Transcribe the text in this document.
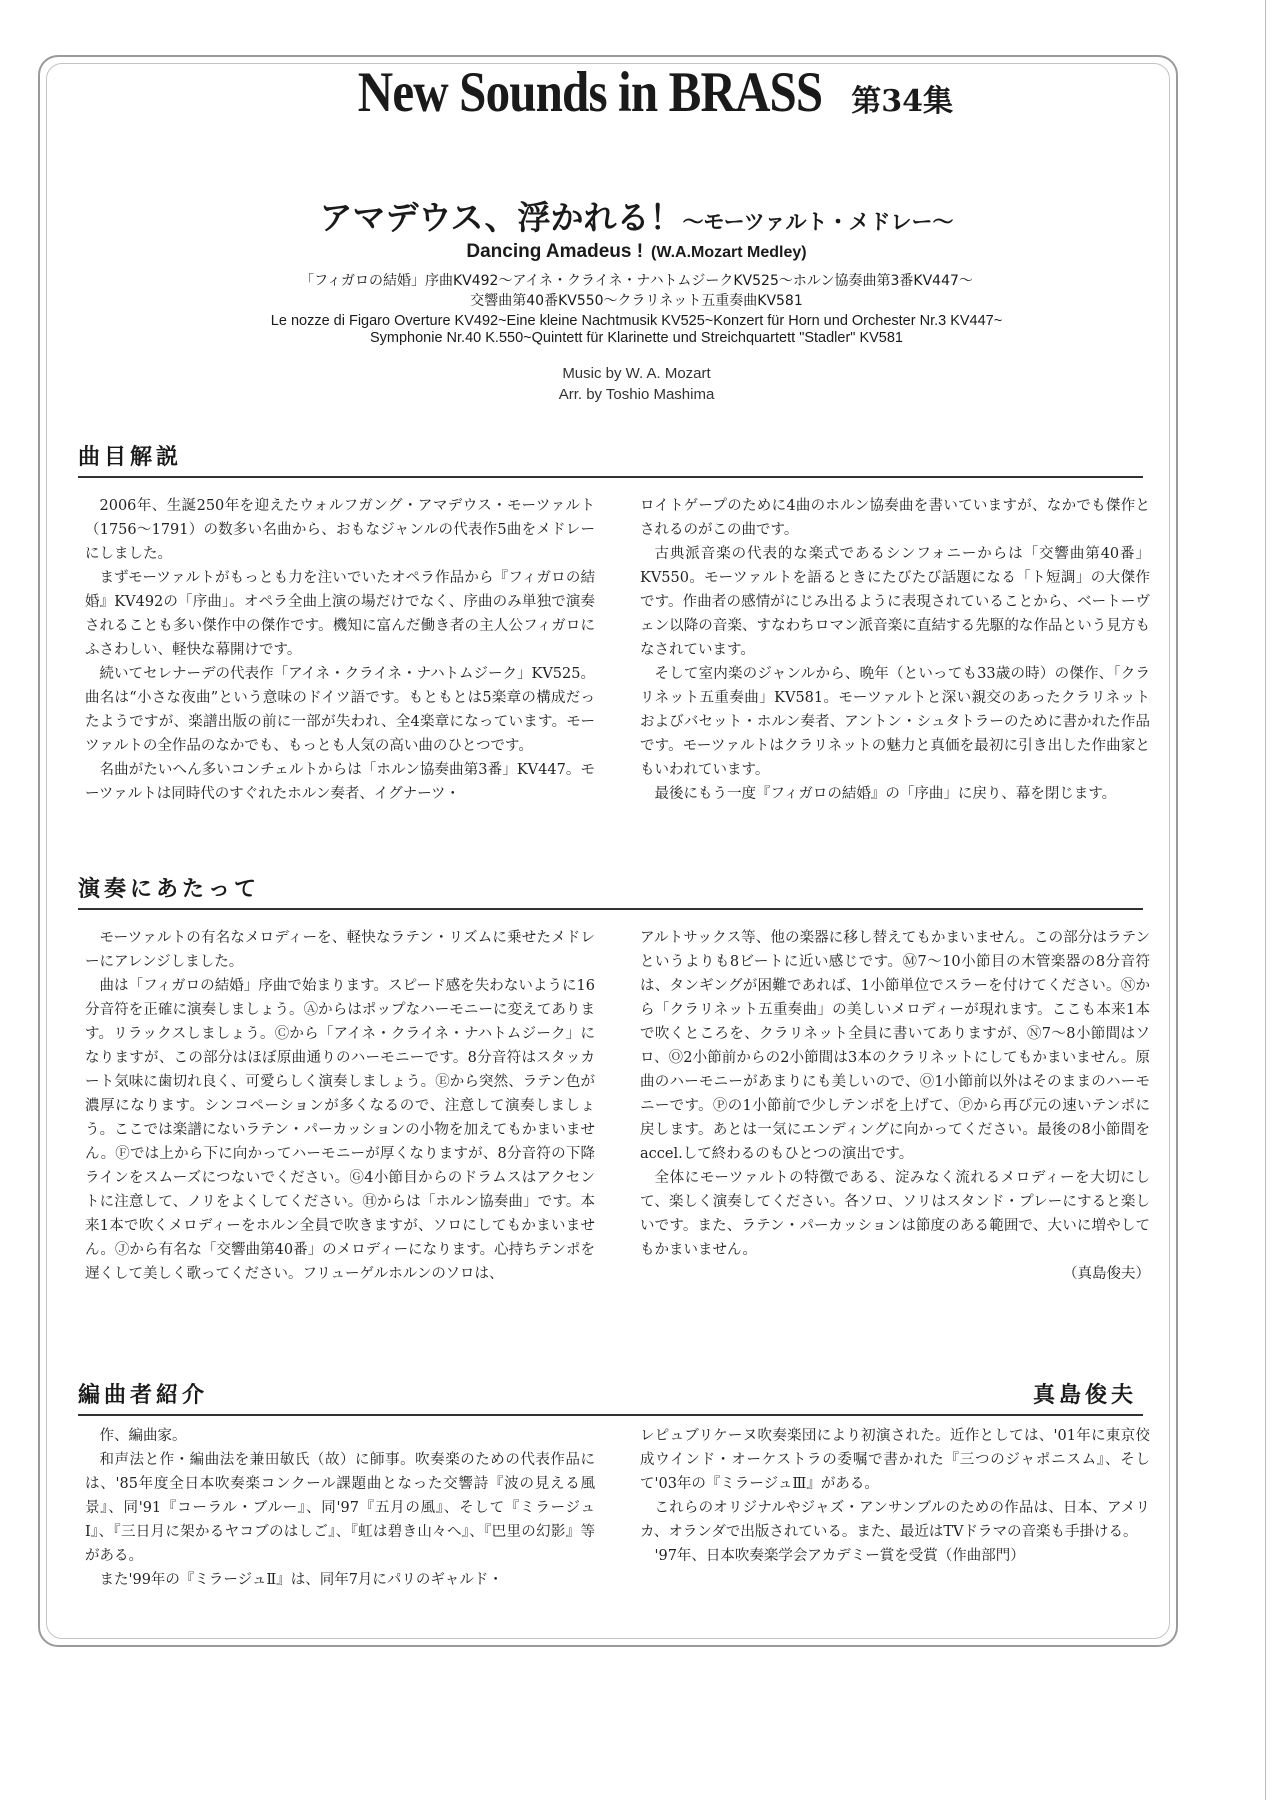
New Sounds in BRASS 第34集
アマデウス、浮かれる！〜モーツァルト・メドレー〜
Dancing Amadeus ! (W.A.Mozart Medley)
「フィガロの結婚」序曲KV492〜アイネ・クライネ・ナハトムジークKV525〜ホルン協奏曲第3番KV447〜
交響曲第40番KV550〜クラリネット五重奏曲KV581
Le nozze di Figaro Overture KV492~Eine kleine Nachtmusik KV525~Konzert für Horn und Orchester Nr.3 KV447~
Symphonie Nr.40 K.550~Quintett für Klarinette und Streichquartett "Stadler" KV581
Music by W. A. Mozart
Arr. by Toshio Mashima
曲目解説

2006年、生誕250年を迎えたウォルフガング・アマデウス・モーツァルト（1756〜1791）の数多い名曲から、おもなジャンルの代表作5曲をメドレーにしました。

まずモーツァルトがもっとも力を注いでいたオペラ作品から『フィガロの結婚』KV492の「序曲」。オペラ全曲上演の場だけでなく、序曲のみ単独で演奏されることも多い傑作中の傑作です。機知に富んだ働き者の主人公フィガロにふさわしい、軽快な幕開けです。

続いてセレナーデの代表作「アイネ・クライネ・ナハトムジーク」KV525。曲名は“小さな夜曲”という意味のドイツ語です。もともとは5楽章の構成だったようですが、楽譜出版の前に一部が失われ、全4楽章になっています。モーツァルトの全作品のなかでも、もっとも人気の高い曲のひとつです。

名曲がたいへん多いコンチェルトからは「ホルン協奏曲第3番」KV447。モーツァルトは同時代のすぐれたホルン奏者、イグナーツ・

ロイトゲープのために4曲のホルン協奏曲を書いていますが、なかでも傑作とされるのがこの曲です。

古典派音楽の代表的な楽式であるシンフォニーからは「交響曲第40番」KV550。モーツァルトを語るときにたびたび話題になる「ト短調」の大傑作です。作曲者の感情がにじみ出るように表現されていることから、ベートーヴェン以降の音楽、すなわちロマン派音楽に直結する先駆的な作品という見方もなされています。

そして室内楽のジャンルから、晩年（といっても33歳の時）の傑作、「クラリネット五重奏曲」KV581。モーツァルトと深い親交のあったクラリネットおよびバセット・ホルン奏者、アントン・シュタトラーのために書かれた作品です。モーツァルトはクラリネットの魅力と真価を最初に引き出した作曲家ともいわれています。

最後にもう一度『フィガロの結婚』の「序曲」に戻り、幕を閉じます。

演奏にあたって

モーツァルトの有名なメロディーを、軽快なラテン・リズムに乗せたメドレーにアレンジしました。

曲は「フィガロの結婚」序曲で始まります。スピード感を失わないように16分音符を正確に演奏しましょう。Ⓐからはポップなハーモニーに変えてあります。リラックスしましょう。Ⓒから「アイネ・クライネ・ナハトムジーク」になりますが、この部分はほぼ原曲通りのハーモニーです。8分音符はスタッカート気味に歯切れ良く、可愛らしく演奏しましょう。Ⓔから突然、ラテン色が濃厚になります。シンコペーションが多くなるので、注意して演奏しましょう。ここでは楽譜にないラテン・パーカッションの小物を加えてもかまいません。Ⓕでは上から下に向かってハーモニーが厚くなりますが、8分音符の下降ラインをスムーズにつないでください。Ⓖ4小節目からのドラムスはアクセントに注意して、ノリをよくしてください。Ⓗからは「ホルン協奏曲」です。本来1本で吹くメロディーをホルン全員で吹きますが、ソロにしてもかまいません。Ⓙから有名な「交響曲第40番」のメロディーになります。心持ちテンポを遅くして美しく歌ってください。フリューゲルホルンのソロは、

アルトサックス等、他の楽器に移し替えてもかまいません。この部分はラテンというよりも8ビートに近い感じです。Ⓜ7〜10小節目の木管楽器の8分音符は、タンギングが困難であれば、1小節単位でスラーを付けてください。Ⓝから「クラリネット五重奏曲」の美しいメロディーが現れます。ここも本来1本で吹くところを、クラリネット全員に書いてありますが、Ⓝ7〜8小節間はソロ、Ⓞ2小節前からの2小節間は3本のクラリネットにしてもかまいません。原曲のハーモニーがあまりにも美しいので、Ⓞ1小節前以外はそのままのハーモニーです。Ⓟの1小節前で少しテンポを上げて、Ⓟから再び元の速いテンポに戻します。あとは一気にエンディングに向かってください。最後の8小節間をaccel.して終わるのもひとつの演出です。

全体にモーツァルトの特徴である、淀みなく流れるメロディーを大切にして、楽しく演奏してください。各ソロ、ソリはスタンド・プレーにすると楽しいです。また、ラテン・パーカッションは節度のある範囲で、大いに増やしてもかまいません。

（真島俊夫）
編曲者紹介	真島俊夫

作、編曲家。

和声法と作・編曲法を兼田敏氏（故）に師事。吹奏楽のための代表作品には、'85年度全日本吹奏楽コンクール課題曲となった交響詩『波の見える風景』、同'91『コーラル・ブルー』、同'97『五月の風』、そして『ミラージュⅠ』、『三日月に架かるヤコブのはしご』、『虹は碧き山々へ』、『巴里の幻影』等がある。

また'99年の『ミラージュⅡ』は、同年7月にパリのギャルド・

レピュブリケーヌ吹奏楽団により初演された。近作としては、'01年に東京佼成ウインド・オーケストラの委嘱で書かれた『三つのジャポニスム』、そして'03年の『ミラージュⅢ』がある。

これらのオリジナルやジャズ・アンサンブルのための作品は、日本、アメリカ、オランダで出版されている。また、最近はTVドラマの音楽も手掛ける。

'97年、日本吹奏楽学会アカデミー賞を受賞（作曲部門）
